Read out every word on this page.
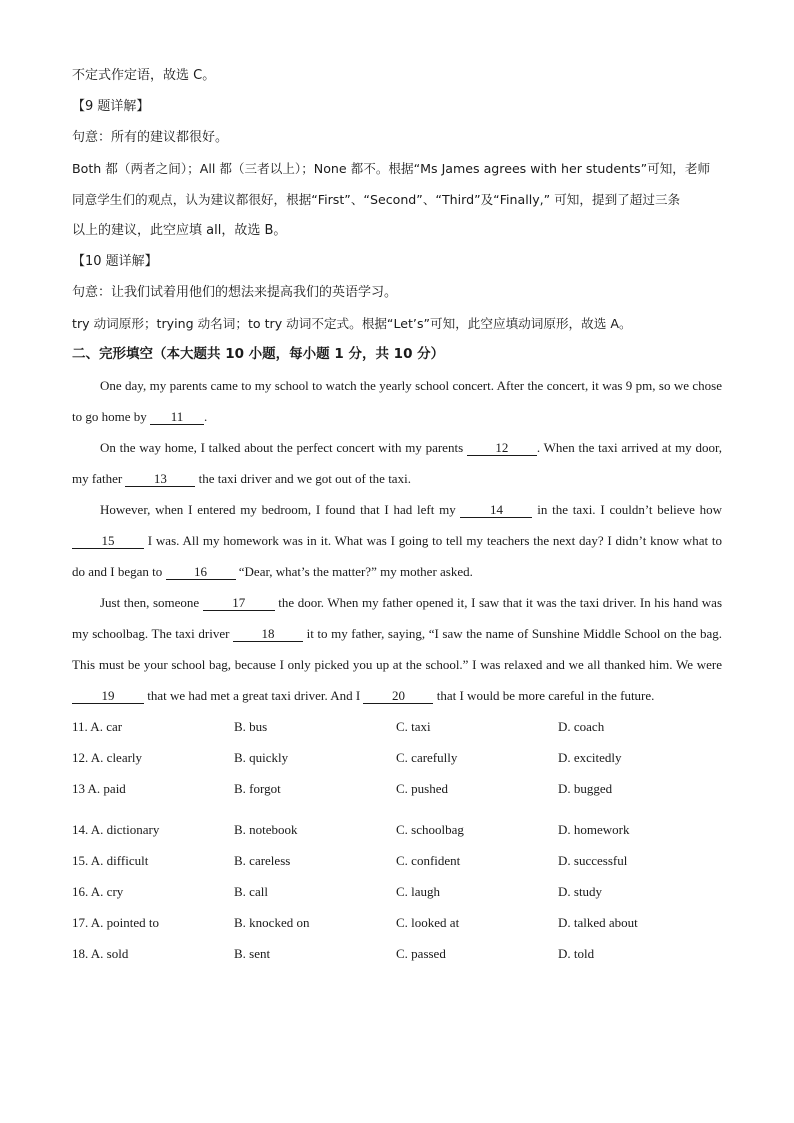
不定式作定语，故选 C。
【9 题详解】
句意：所有的建议都很好。
Both 都（两者之间）；All 都（三者以上）；None 都不。根据“Ms James agrees with her students”可知，老师
同意学生们的观点，认为建议都很好，根据“First”、“Second”、“Third”及“Finally,” 可知，提到了超过三条
以上的建议，此空应填 all，故选 B。
【10 题详解】
句意：让我们试着用他们的想法来提高我们的英语学习。
try 动词原形；trying 动名词；to try 动词不定式。根据“Let’s”可知，此空应填动词原形，故选 A。
二、完形填空（本大题共 10 小题，每小题 1 分，共 10 分）
One day, my parents came to my school to watch the yearly school concert. After the concert, it was 9 pm, so we chose to go home by 11 .
On the way home, I talked about the perfect concert with my parents 12 . When the taxi arrived at my door, my father 13 the taxi driver and we got out of the taxi.
However, when I entered my bedroom, I found that I had left my 14 in the taxi. I couldn’t believe how 15 I was. All my homework was in it. What was I going to tell my teachers the next day? I didn’t know what to do and I began to 16 “Dear, what’s the matter?” my mother asked.
Just then, someone 17 the door. When my father opened it, I saw that it was the taxi driver. In his hand was my schoolbag. The taxi driver 18 it to my father, saying, “I saw the name of Sunshine Middle School on the bag. This must be your school bag, because I only picked you up at the school.” I was relaxed and we all thanked him. We were 19 that we had met a great taxi driver. And I 20 that I would be more careful in the future.
11. A. car	B. bus	C. taxi	D. coach
12. A. clearly	B. quickly	C. carefully	D. excitedly
13 A. paid	B. forgot	C. pushed	D. bugged
14. A. dictionary	B. notebook	C. schoolbag	D. homework
15. A. difficult	B. careless	C. confident	D. successful
16. A. cry	B. call	C. laugh	D. study
17. A. pointed to	B. knocked on	C. looked at	D. talked about
18. A. sold	B. sent	C. passed	D. told
